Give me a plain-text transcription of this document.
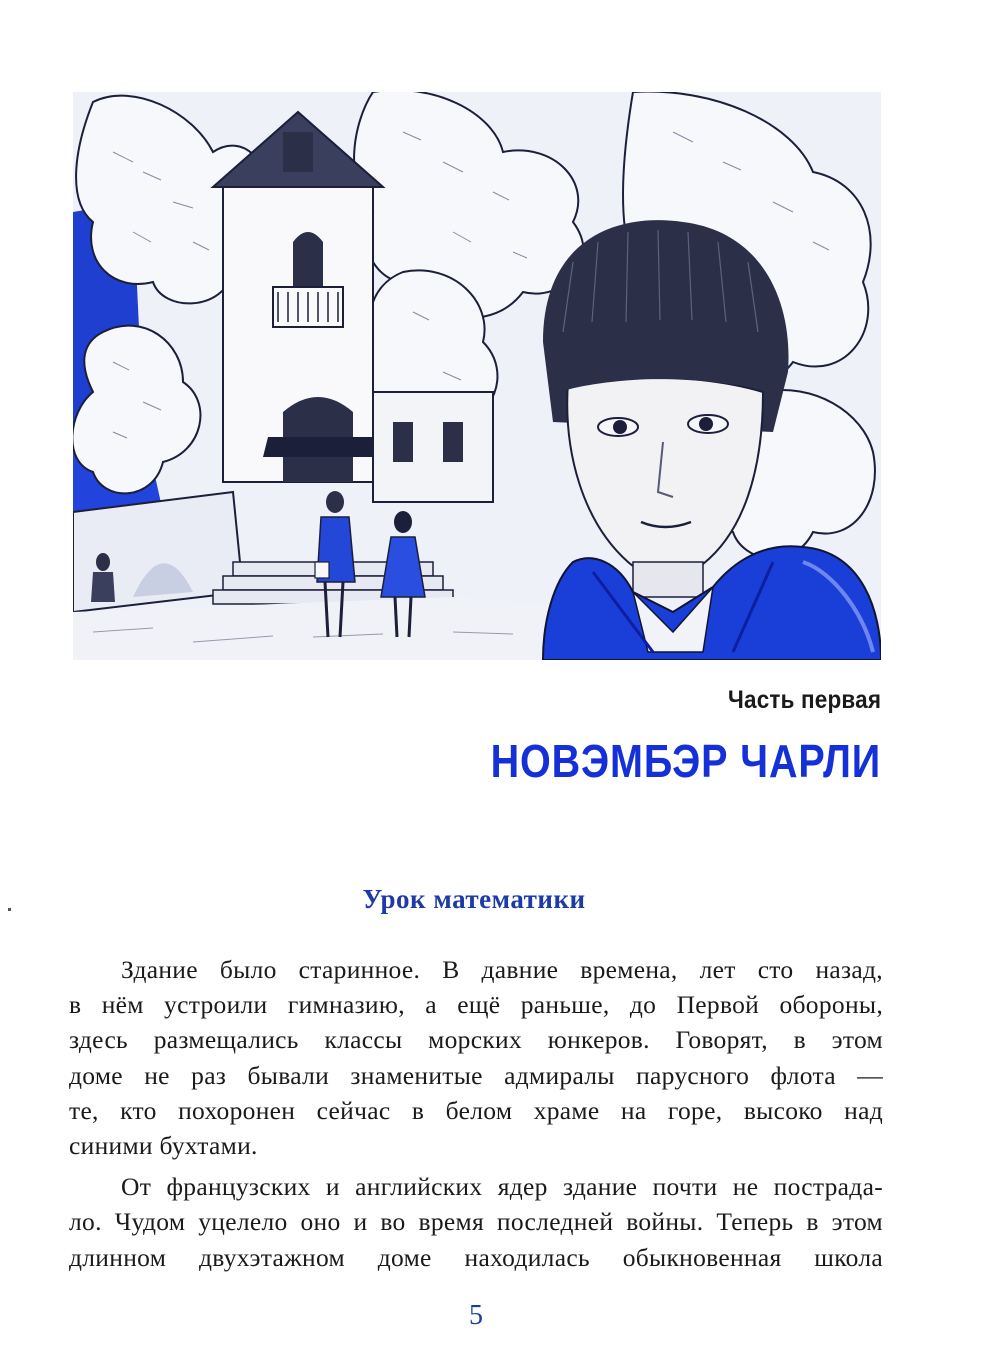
Часть первая
НОВЭМБЭР ЧАРЛИ
Урок математики
Здание было старинное. В давние времена, лет сто назад,
в нём устроили гимназию, а ещё раньше, до Первой обороны,
здесь размещались классы морских юнкеров. Говорят, в этом
доме не раз бывали знаменитые адмиралы парусного флота —
те, кто похоронен сейчас в белом храме на горе, высоко над
синими бухтами.
От французских и английских ядер здание почти не пострада-
ло. Чудом уцелело оно и во время последней войны. Теперь в этом
длинном двухэтажном доме находилась обыкновенная школа
5
